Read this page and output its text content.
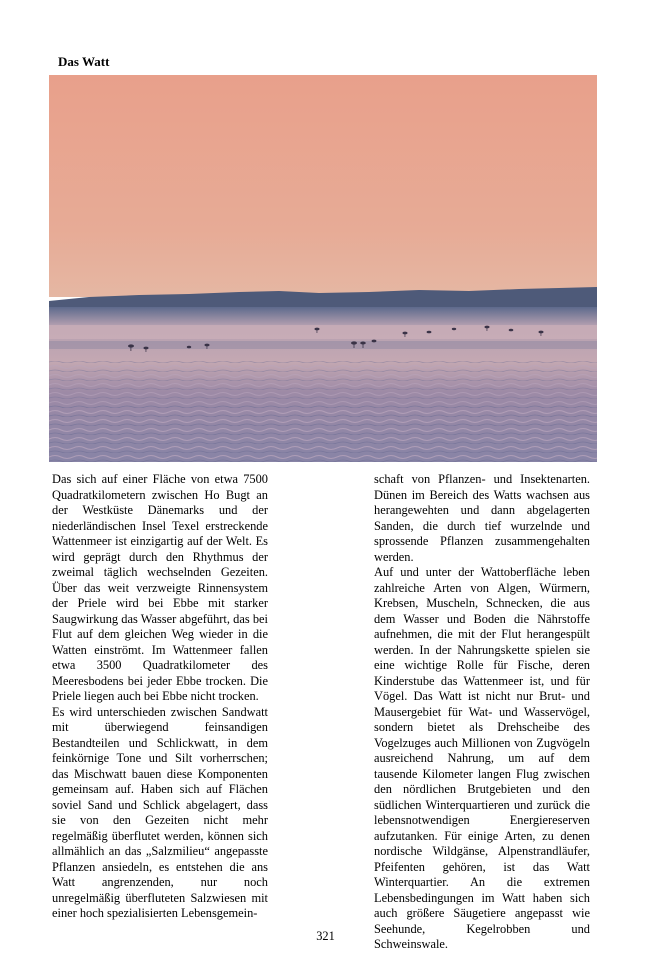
Das Watt

Das sich auf einer Fläche von etwa 7500 Quadratkilometern zwischen Ho Bugt an der Westküste Dänemarks und der niederländischen Insel Texel erstreckende Wattenmeer ist einzigartig auf der Welt. Es wird geprägt durch den Rhythmus der zweimal täglich wechselnden Gezeiten. Über das weit verzweigte Rinnensystem der Priele wird bei Ebbe mit starker Saugwirkung das Wasser abgeführt, das bei Flut auf dem gleichen Weg wieder in die Watten einströmt. Im Wattenmeer fallen etwa 3500 Quadratkilometer des Meeresbodens bei jeder Ebbe trocken. Die Priele liegen auch bei Ebbe nicht trocken.

Es wird unterschieden zwischen Sandwatt mit überwiegend feinsandigen Bestandteilen und Schlickwatt, in dem feinkörnige Tone und Silt vorherrschen; das Mischwatt bauen diese Komponenten gemeinsam auf. Haben sich auf Flächen soviel Sand und Schlick abgelagert, dass sie von den Gezeiten nicht mehr regelmäßig überflutet werden, können sich allmählich an das „Salzmilieu“ angepasste Pflanzen ansiedeln, es entstehen die ans Watt angrenzenden, nur noch unregelmäßig überfluteten Salzwiesen mit einer hoch spezialisierten Lebensgemein-

schaft von Pflanzen- und Insektenarten. Dünen im Bereich des Watts wachsen aus herangewehten und dann abgelagerten Sanden, die durch tief wurzelnde und sprossende Pflanzen zusammengehalten werden.

Auf und unter der Wattoberfläche leben zahlreiche Arten von Algen, Würmern, Krebsen, Muscheln, Schnecken, die aus dem Wasser und Boden die Nährstoffe aufnehmen, die mit der Flut herangespült werden. In der Nahrungskette spielen sie eine wichtige Rolle für Fische, deren Kinderstube das Wattenmeer ist, und für Vögel. Das Watt ist nicht nur Brut- und Mausergebiet für Wat- und Wasservögel, sondern bietet als Drehscheibe des Vogelzuges auch Millionen von Zugvögeln ausreichend Nahrung, um auf dem tausende Kilometer langen Flug zwischen den nördlichen Brutgebieten und den südlichen Winterquartieren und zurück die lebensnotwendigen Energiereserven aufzutanken. Für einige Arten, zu denen nordische Wildgänse, Alpenstrandläufer, Pfeifenten gehören, ist das Watt Winterquartier. An die extremen Lebensbedingungen im Watt haben sich auch größere Säugetiere angepasst wie Seehunde, Kegelrobben und Schweinswale.

321
